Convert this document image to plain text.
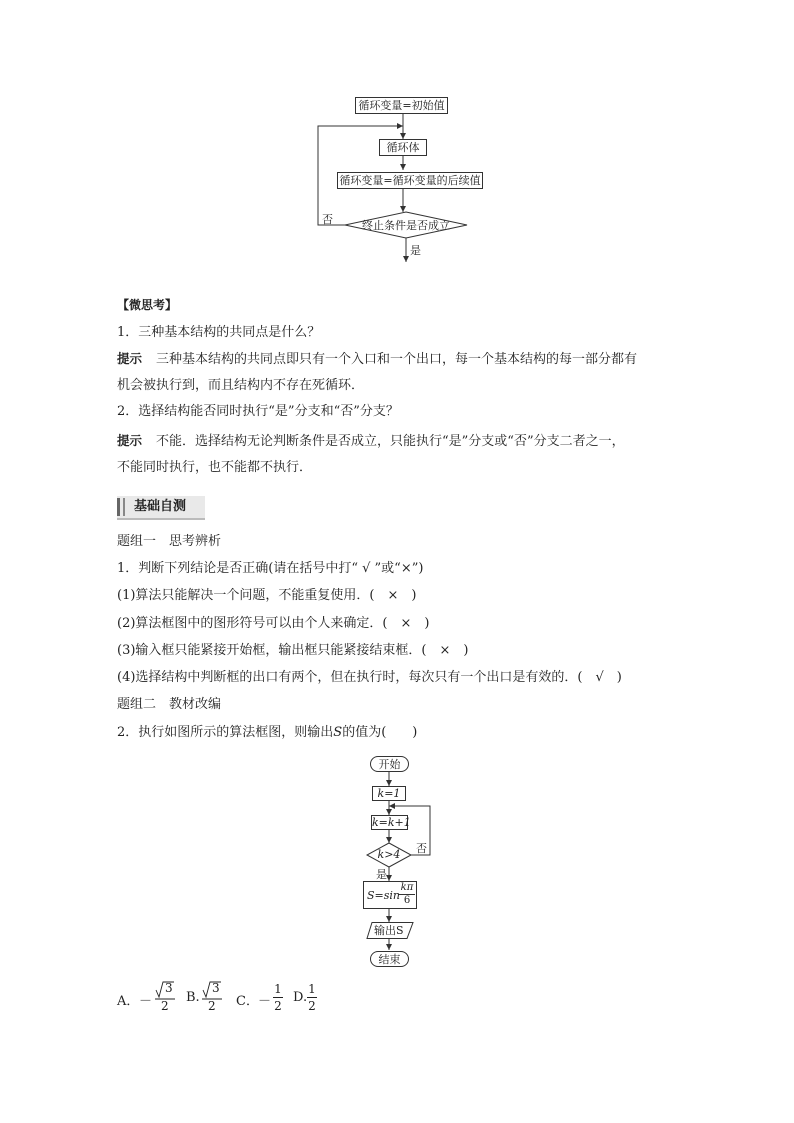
循环变量=初始值
循环体
循环变量=循环变量的后续值
终止条件是否成立
否
是
【微思考】
1．三种基本结构的共同点是什么？
提示 三种基本结构的共同点即只有一个入口和一个出口，每一个基本结构的每一部分都有
机会被执行到，而且结构内不存在死循环．
2．选择结构能否同时执行“是”分支和“否”分支？
提示 不能．选择结构无论判断条件是否成立，只能执行“是”分支或“否”分支二者之一，
不能同时执行，也不能都不执行．
基础自测
题组一　思考辨析
1．判断下列结论是否正确(请在括号中打“ √ ”或“×”)
(1)算法只能解决一个问题，不能重复使用．(　×　)
(2)算法框图中的图形符号可以由个人来确定．(　×　)
(3)输入框只能紧接开始框，输出框只能紧接结束框．(　×　)
(4)选择结构中判断框的出口有两个，但在执行时，每次只有一个出口是有效的．(　√　)
题组二　教材改编
2．执行如图所示的算法框图，则输出S的值为(　　)
开始
k=1
k=k+1
k>4	否
是
S=sin
kπ
6
输出S
结束
A． －
3
2
B.
3
2 C． －
1
2
D.
1
2
